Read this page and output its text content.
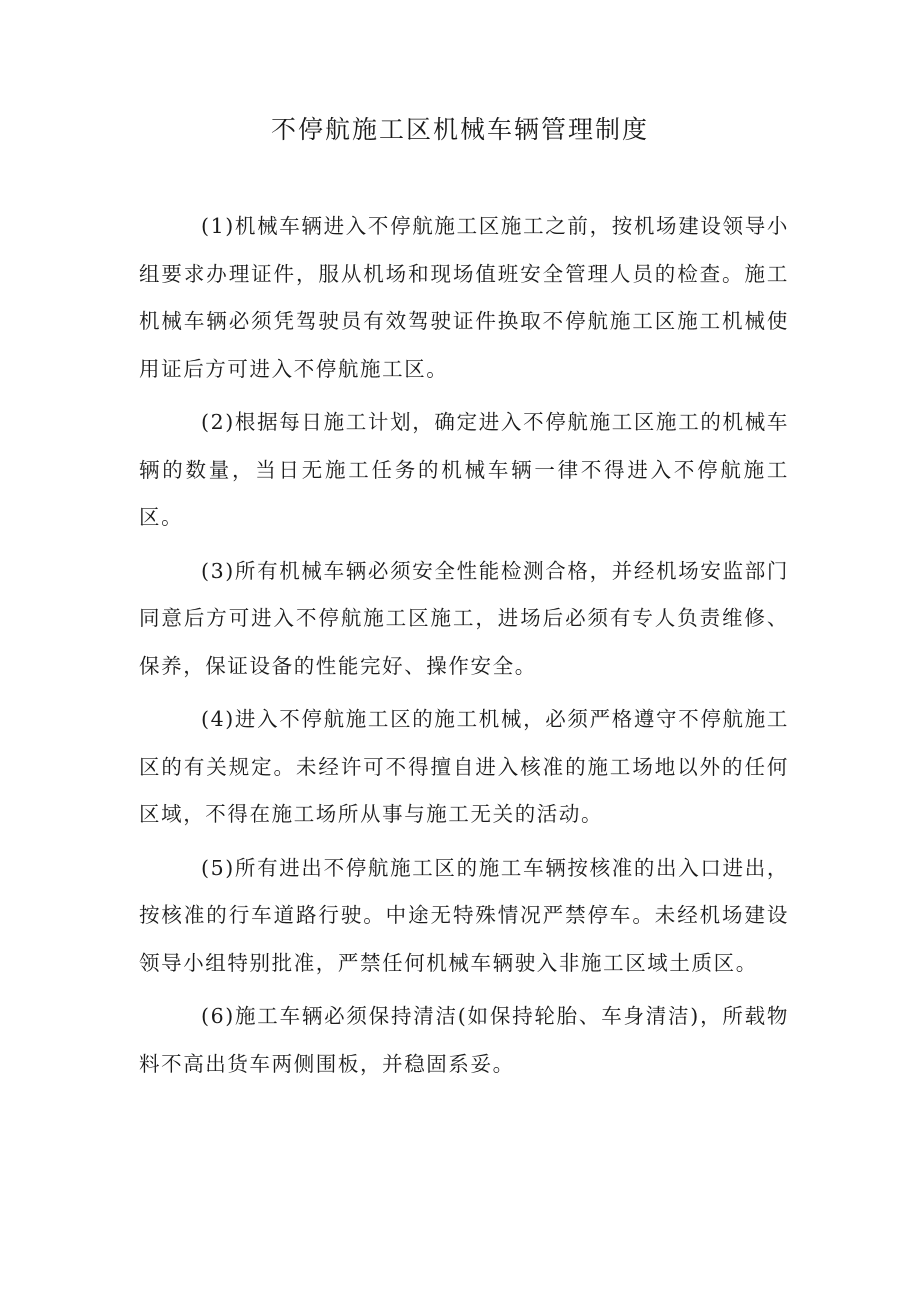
不停航施工区机械车辆管理制度

(1)机械车辆进入不停航施工区施工之前，按机场建设领导小组要求办理证件，服从机场和现场值班安全管理人员的检查。施工机械车辆必须凭驾驶员有效驾驶证件换取不停航施工区施工机械使用证后方可进入不停航施工区。

(2)根据每日施工计划，确定进入不停航施工区施工的机械车辆的数量，当日无施工任务的机械车辆一律不得进入不停航施工区。

(3)所有机械车辆必须安全性能检测合格，并经机场安监部门同意后方可进入不停航施工区施工，进场后必须有专人负责维修、保养，保证设备的性能完好、操作安全。

(4)进入不停航施工区的施工机械，必须严格遵守不停航施工区的有关规定。未经许可不得擅自进入核准的施工场地以外的任何区域，不得在施工场所从事与施工无关的活动。

(5)所有进出不停航施工区的施工车辆按核准的出入口进出，按核准的行车道路行驶。中途无特殊情况严禁停车。未经机场建设领导小组特别批准，严禁任何机械车辆驶入非施工区域土质区。

(6)施工车辆必须保持清洁(如保持轮胎、车身清洁)，所载物料不高出货车两侧围板，并稳固系妥。
